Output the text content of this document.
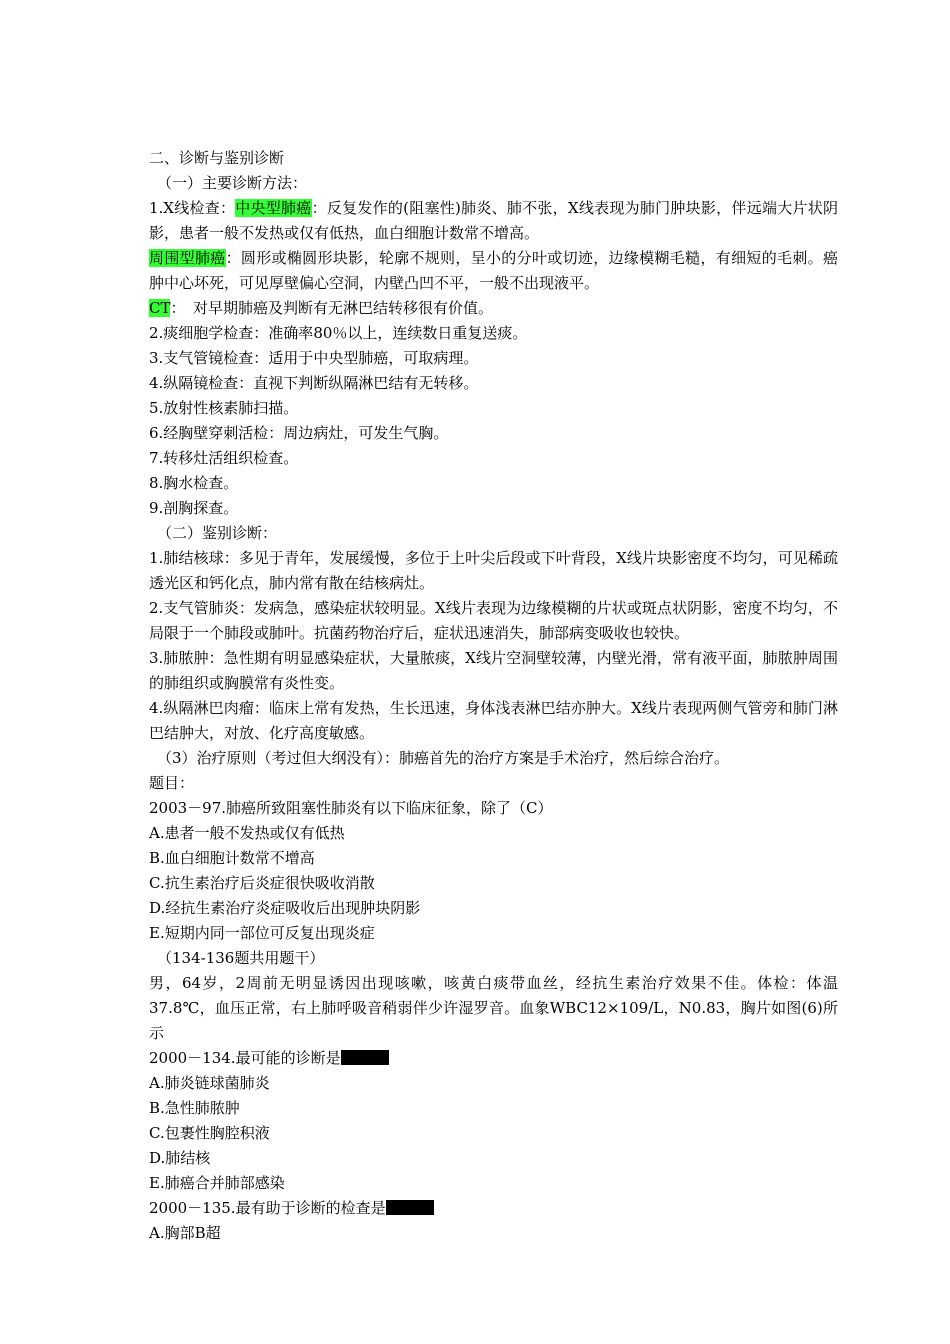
二、诊断与鉴别诊断
（一）主要诊断方法：
1.X线检查：中央型肺癌：反复发作的(阻塞性)肺炎、肺不张，X线表现为肺门肿块影，伴远端大片状阴影，患者一般不发热或仅有低热，血白细胞计数常不增高。
周围型肺癌：圆形或椭圆形块影，轮廓不规则，呈小的分叶或切迹，边缘模糊毛糙，有细短的毛刺。癌肿中心坏死，可见厚壁偏心空洞，内壁凸凹不平，一般不出现液平。
CT：　对早期肺癌及判断有无淋巴结转移很有价值。
2.痰细胞学检查：准确率80％以上，连续数日重复送痰。
3.支气管镜检查：适用于中央型肺癌，可取病理。
4.纵隔镜检查：直视下判断纵隔淋巴结有无转移。
5.放射性核素肺扫描。
6.经胸壁穿刺活检：周边病灶，可发生气胸。
7.转移灶活组织检查。
8.胸水检查。
9.剖胸探查。
（二）鉴别诊断：
1.肺结核球：多见于青年，发展缓慢，多位于上叶尖后段或下叶背段，X线片块影密度不均匀，可见稀疏透光区和钙化点，肺内常有散在结核病灶。
2.支气管肺炎：发病急，感染症状较明显。X线片表现为边缘模糊的片状或斑点状阴影，密度不均匀，不局限于一个肺段或肺叶。抗菌药物治疗后，症状迅速消失，肺部病变吸收也较快。
3.肺脓肿：急性期有明显感染症状，大量脓痰，X线片空洞壁较薄，内壁光滑，常有液平面，肺脓肿周围的肺组织或胸膜常有炎性变。
4.纵隔淋巴肉瘤：临床上常有发热，生长迅速，身体浅表淋巴结亦肿大。X线片表现两侧气管旁和肺门淋巴结肿大，对放、化疗高度敏感。
（3）治疗原则（考过但大纲没有）：肺癌首先的治疗方案是手术治疗，然后综合治疗。
题目：
2003－97.肺癌所致阻塞性肺炎有以下临床征象，除了（C）
A.患者一般不发热或仅有低热
B.血白细胞计数常不增高
C.抗生素治疗后炎症很快吸收消散
D.经抗生素治疗炎症吸收后出现肿块阴影
E.短期内同一部位可反复出现炎症
（134-136题共用题干）
男，64岁，2周前无明显诱因出现咳嗽，咳黄白痰带血丝，经抗生素治疗效果不佳。体检：体温37.8℃，血压正常，右上肺呼吸音稍弱伴少许湿罗音。血象WBC12×109/L，N0.83，胸片如图(6)所示
2000－134.最可能的诊断是
A.肺炎链球菌肺炎
B.急性肺脓肿
C.包裹性胸腔积液
D.肺结核
E.肺癌合并肺部感染
2000－135.最有助于诊断的检查是
A.胸部B超
